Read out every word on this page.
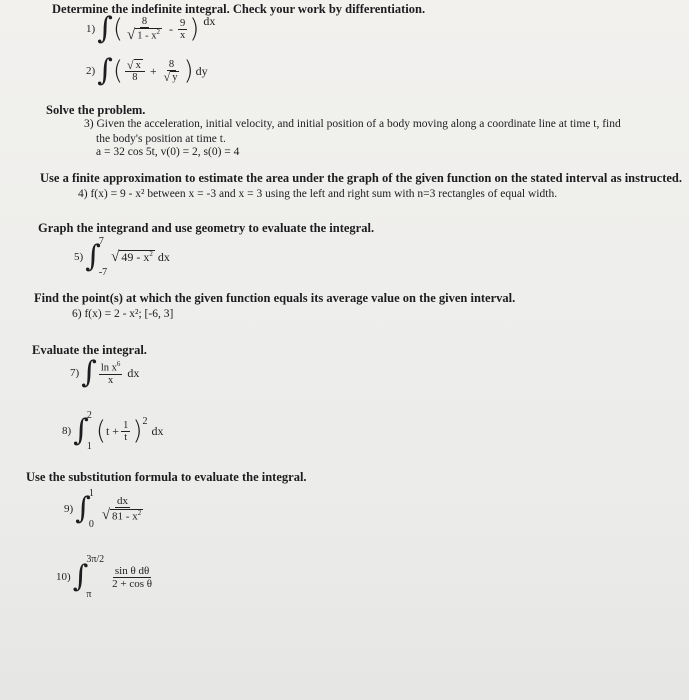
Determine the indefinite integral. Check your work by differentiation.
1) ∫ ( $\frac{8}{√ 1 - x^2} - \frac{9}{x}$ ) dx
2) ∫ ( $\frac{√ x}{8} + \frac{8}{√ y}$ ) dy
Solve the problem.
3) Given the acceleration, initial velocity, and initial position of a body moving along a coordinate line at time t, find
the body's position at time t.
a = 32 cos 5t, v(0) = 2, s(0) = 4
Use a finite approximation to estimate the area under the graph of the given function on the stated interval as instructed.
4) f(x) = 9 - x² between x = -3 and x = 3 using the left and right sum with n=3 rectangles of equal width.
Graph the integrand and use geometry to evaluate the integral.
5) ∫
7
-7
√ $49 - x^2$ dx
Find the point(s) at which the given function equals its average value on the given interval.
6) f(x) = 2 - x²; [-6, 3]
Evaluate the integral.
7) ∫ $\frac{\ln x^6}{x}$ dx
8) ∫
2
1
( $t + \frac{1}{t} )^2$
dx
Use the substitution formula to evaluate the integral.
9) ∫
1
0
$\frac{dx}{√ 81 - x^2}$
10) ∫
3π/2
π
$\frac{\text{sin θ dθ}}{\text{2 + cos θ}}$
